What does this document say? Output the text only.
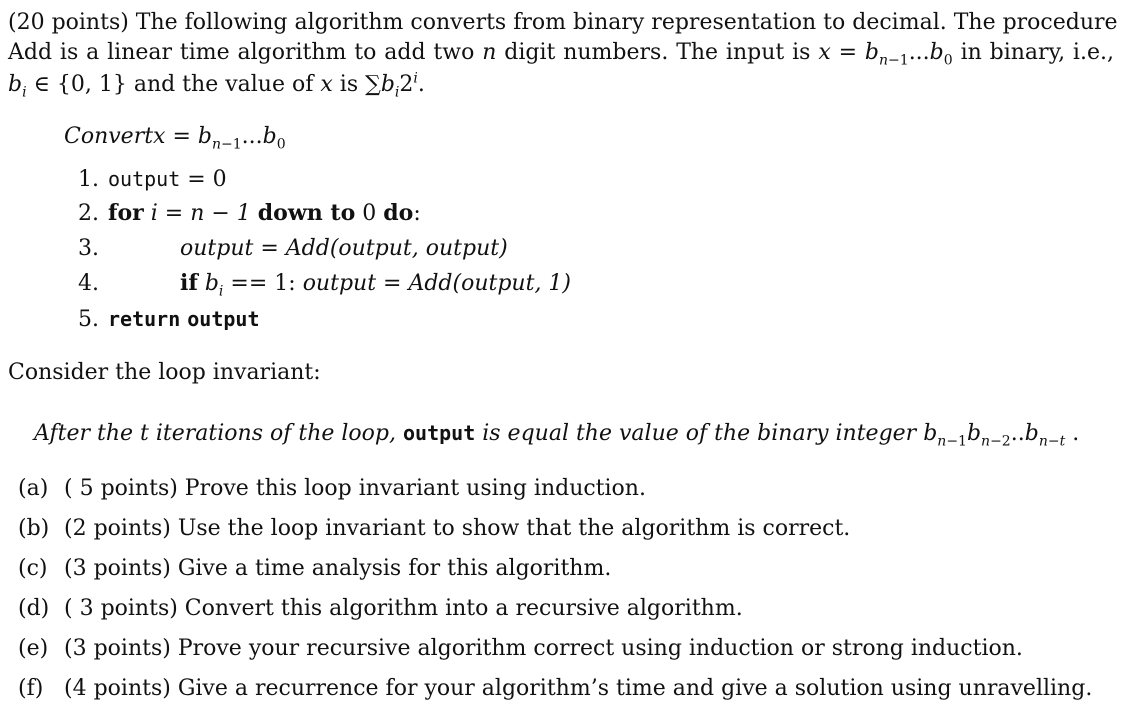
(20 points) The following algorithm converts from binary representation to decimal. The procedure
Add is a linear time algorithm to add two n digit numbers. The input is $x = b_{n-1}...b_0$ in binary, i.e.,
$b_i$ ∈ {0, 1} and the value of x is $\sum b_i2^i$.
Convertx = $b_{n-1}...b_0$
1. output = 0
2. for i = n − 1 down to 0 do:
3.	output = Add(output, output)
4.	if $b_i == 1$: output = Add(output, 1)
5. return output
Consider the loop invariant:
After the t iterations of the loop, output is equal the value of the binary integer $b_{n-1}b_{n-2}..b_{n-t}$ .
(a) ( 5 points) Prove this loop invariant using induction.
(b) (2 points) Use the loop invariant to show that the algorithm is correct.
(c) (3 points) Give a time analysis for this algorithm.
(d) ( 3 points) Convert this algorithm into a recursive algorithm.
(e) (3 points) Prove your recursive algorithm correct using induction or strong induction.
(f) (4 points) Give a recurrence for your algorithm’s time and give a solution using unravelling.
